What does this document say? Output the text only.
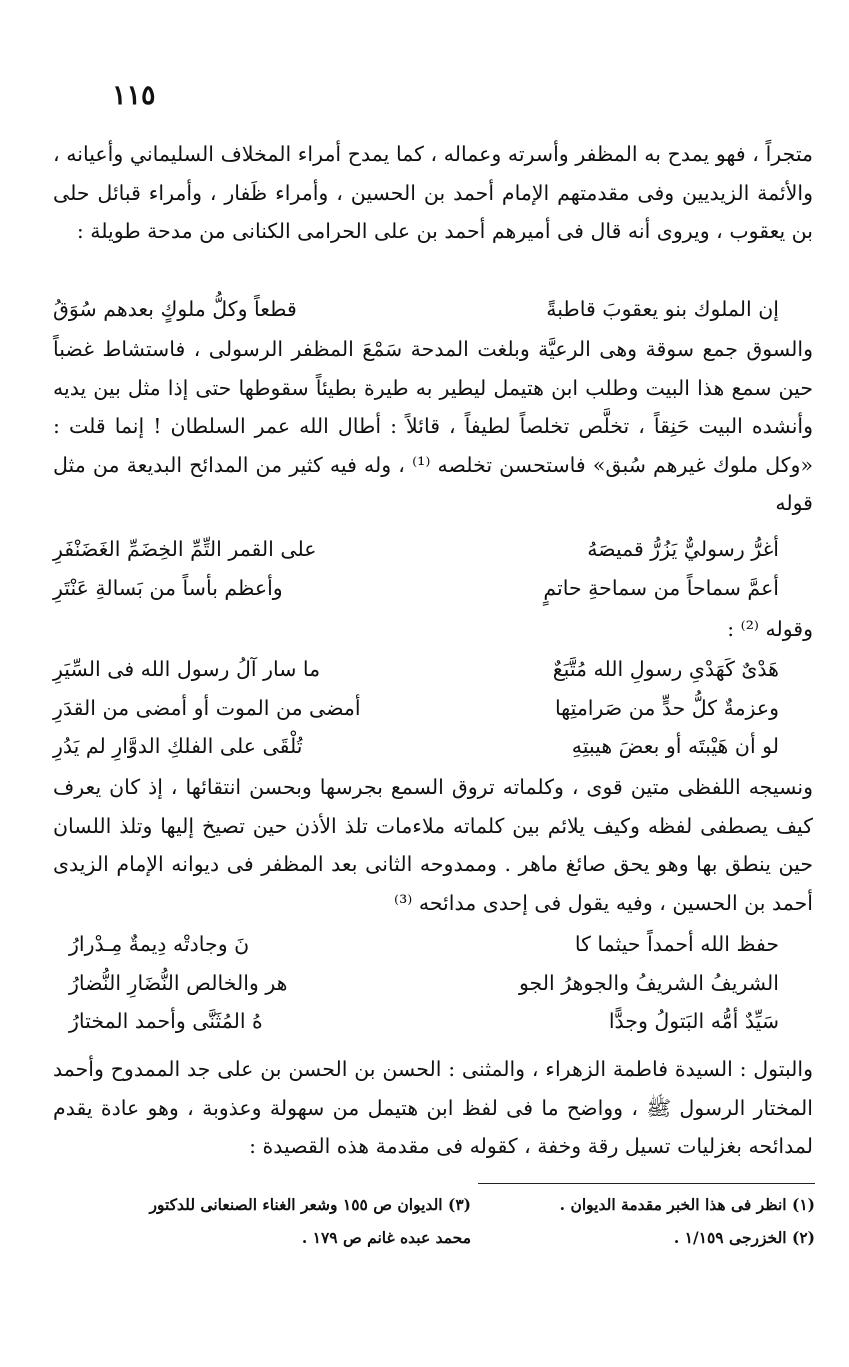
١١٥

متجراً ، فهو يمدح به المظفر وأسرته وعماله ، كما يمدح أمراء المخلاف السليماني وأعيانه ، والأئمة الزيديين وفى مقدمتهم الإمام أحمد بن الحسين ، وأمراء ظَفار ، وأمراء قبائل حلى بن يعقوب ، ويروى أنه قال فى أميرهم أحمد بن على الحرامى الكنانى من مدحة طويلة :

إن الملوك بنو يعقوبَ قاطبةً
قطعاً وكلُّ ملوكٍ بعدهم سُوَقُ

والسوق جمع سوقة وهى الرعيَّة وبلغت المدحة سَمْعَ المظفر الرسولى ، فاستشاط غضباً حين سمع هذا البيت وطلب ابن هتيمل ليطير به طيرة بطيئاً سقوطها حتى إذا مثل بين يديه وأنشده البيت حَنِقاً ، تخلَّص تخلصاً لطيفاً ، قائلاً : أطال الله عمر السلطان ! إنما قلت : «وكل ملوك غيرهم سُبق» فاستحسن تخلصه ⁽¹⁾ ، وله فيه كثير من المدائح البديعة من مثل قوله

أغرُّ رسوليٌّ يَزُرُّ قميصَهُ
على القمر التِّمِّ الخِضَمِّ الغَضَنْفَرِ
أعمَّ سماحاً من سماحةِ حاتمٍ
وأعظم بأساً من بَسالةِ عَنْتَرِ
وقوله ⁽²⁾ :
هَدْىٌ كَهَدْىِ رسولِ الله مُتَّبَعٌ
ما سار آلُ رسول الله فى السِّيَرِ
وعزمةٌ كلُّ حدٍّ من صَرامتِها
أمضى من الموت أو أمضى من القدَرِ
لو أن هَيْبتَه أو بعضَ هيبتِهِ
تُلْقَى على الفلكِ الدوَّارِ لم يَدُرِ

ونسيجه اللفظى متين قوى ، وكلماته تروق السمع بجرسها وبحسن انتقائها ، إذ كان يعرف كيف يصطفى لفظه وكيف يلائم بين كلماته ملاءمات تلذ الأذن حين تصيخ إليها وتلذ اللسان حين ينطق بها وهو يحق صائغ ماهر . وممدوحه الثانى بعد المظفر فى ديوانه الإمام الزيدى أحمد بن الحسين ، وفيه يقول فى إحدى مدائحه ⁽³⁾

حفظ الله أحمداً حيثما كا
نَ وجادتْه دِيمةٌ مِـدْرارُ
الشريفُ الشريفُ والجوهرُ الجو
هر والخالص النُّضَارِ النُّضارُ
سَيِّدٌ أمُّه البَتولُ وجدًّا
هُ المُثَنَّى وأحمد المختارُ

والبتول : السيدة فاطمة الزهراء ، والمثنى : الحسن بن الحسن بن على جد الممدوح وأحمد المختار الرسول ﷺ ، وواضح ما فى لفظ ابن هتيمل من سهولة وعذوبة ، وهو عادة يقدم لمدائحه بغزليات تسيل رقة وخفة ، كقوله فى مقدمة هذه القصيدة :

(١) انظر فى هذا الخبر مقدمة الديوان .
(٢) الخزرجى ١/١٥٩ .
(٣) الديوان ص ١٥٥ وشعر الغناء الصنعانى للدكتور
محمد عبده غانم ص ١٧٩ .
